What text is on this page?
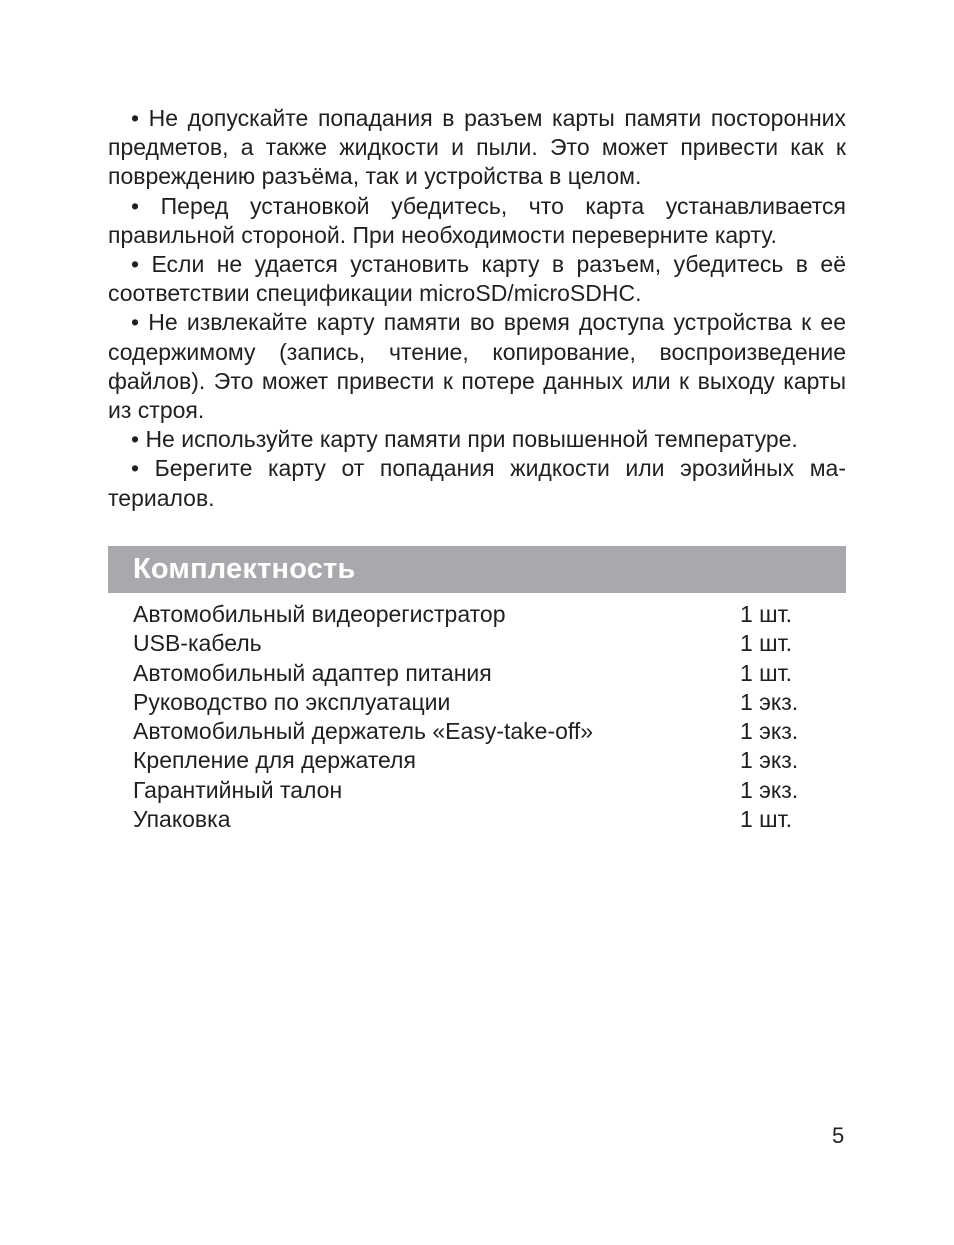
• Не допускайте попадания в разъем карты памяти посторонних предметов, а также жидкости и пыли. Это может привести как к повреждению разъёма, так и устройства в целом.

• Перед установкой убедитесь, что карта устанавливается правильной стороной. При необходимости переверните карту.

• Если не удается установить карту в разъем, убедитесь в её соответствии спецификации microSD/microSDHC.

• Не извлекайте карту памяти во время доступа устройства к ее содержимому (запись, чтение, копирование, воспроизведение файлов). Это может привести к потере данных или к выходу карты из строя.

• Не используйте карту памяти при повышенной температуре.

• Берегите карту от попадания жидкости или эрозийных материалов.

Комплектность
Автомобильный видеорегистратор	1 шт.
USB-кабель	1 шт.
Автомобильный адаптер питания	1 шт.
Руководство по эксплуатации	1 экз.
Автомобильный держатель «Easy-take-off»	1 экз.
Крепление для держателя	1 экз.
Гарантийный талон	1 экз.
Упаковка	1 шт.
5
